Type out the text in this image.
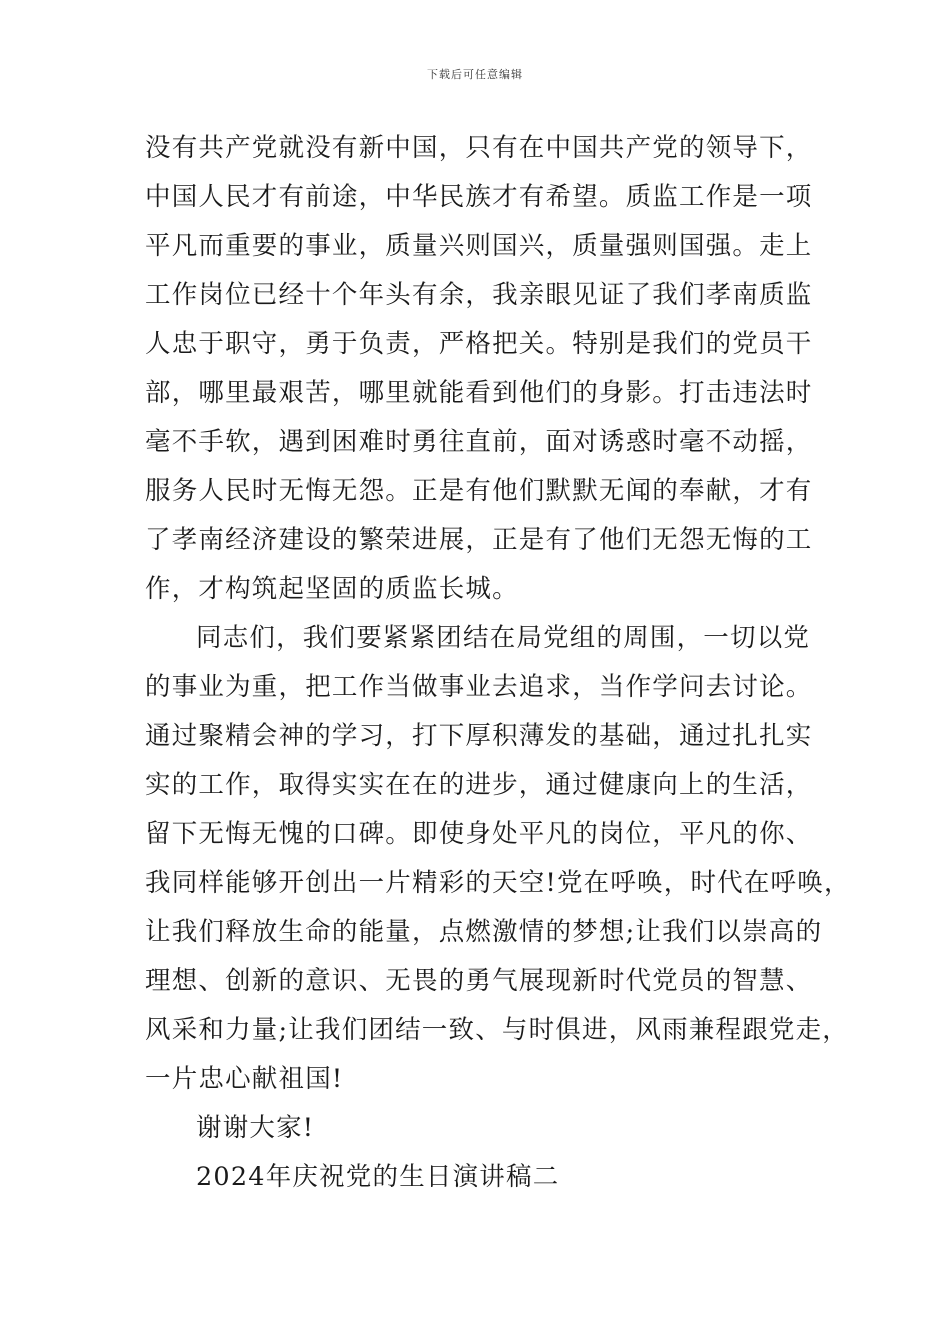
下载后可任意编辑
没有共产党就没有新中国，只有在中国共产党的领导下，
中国人民才有前途，中华民族才有希望。质监工作是一项
平凡而重要的事业，质量兴则国兴，质量强则国强。走上
工作岗位已经十个年头有余，我亲眼见证了我们孝南质监
人忠于职守，勇于负责，严格把关。特别是我们的党员干
部，哪里最艰苦，哪里就能看到他们的身影。打击违法时
毫不手软，遇到困难时勇往直前，面对诱惑时毫不动摇，
服务人民时无悔无怨。正是有他们默默无闻的奉献，才有
了孝南经济建设的繁荣进展，正是有了他们无怨无悔的工
作，才构筑起坚固的质监长城。
同志们，我们要紧紧团结在局党组的周围，一切以党
的事业为重，把工作当做事业去追求，当作学问去讨论。
通过聚精会神的学习，打下厚积薄发的基础，通过扎扎实
实的工作，取得实实在在的进步，通过健康向上的生活，
留下无悔无愧的口碑。即使身处平凡的岗位，平凡的你、
我同样能够开创出一片精彩的天空!党在呼唤，时代在呼唤，
让我们释放生命的能量，点燃激情的梦想;让我们以崇高的
理想、创新的意识、无畏的勇气展现新时代党员的智慧、
风采和力量;让我们团结一致、与时俱进，风雨兼程跟党走，
一片忠心献祖国!
谢谢大家!
2024年庆祝党的生日演讲稿二
